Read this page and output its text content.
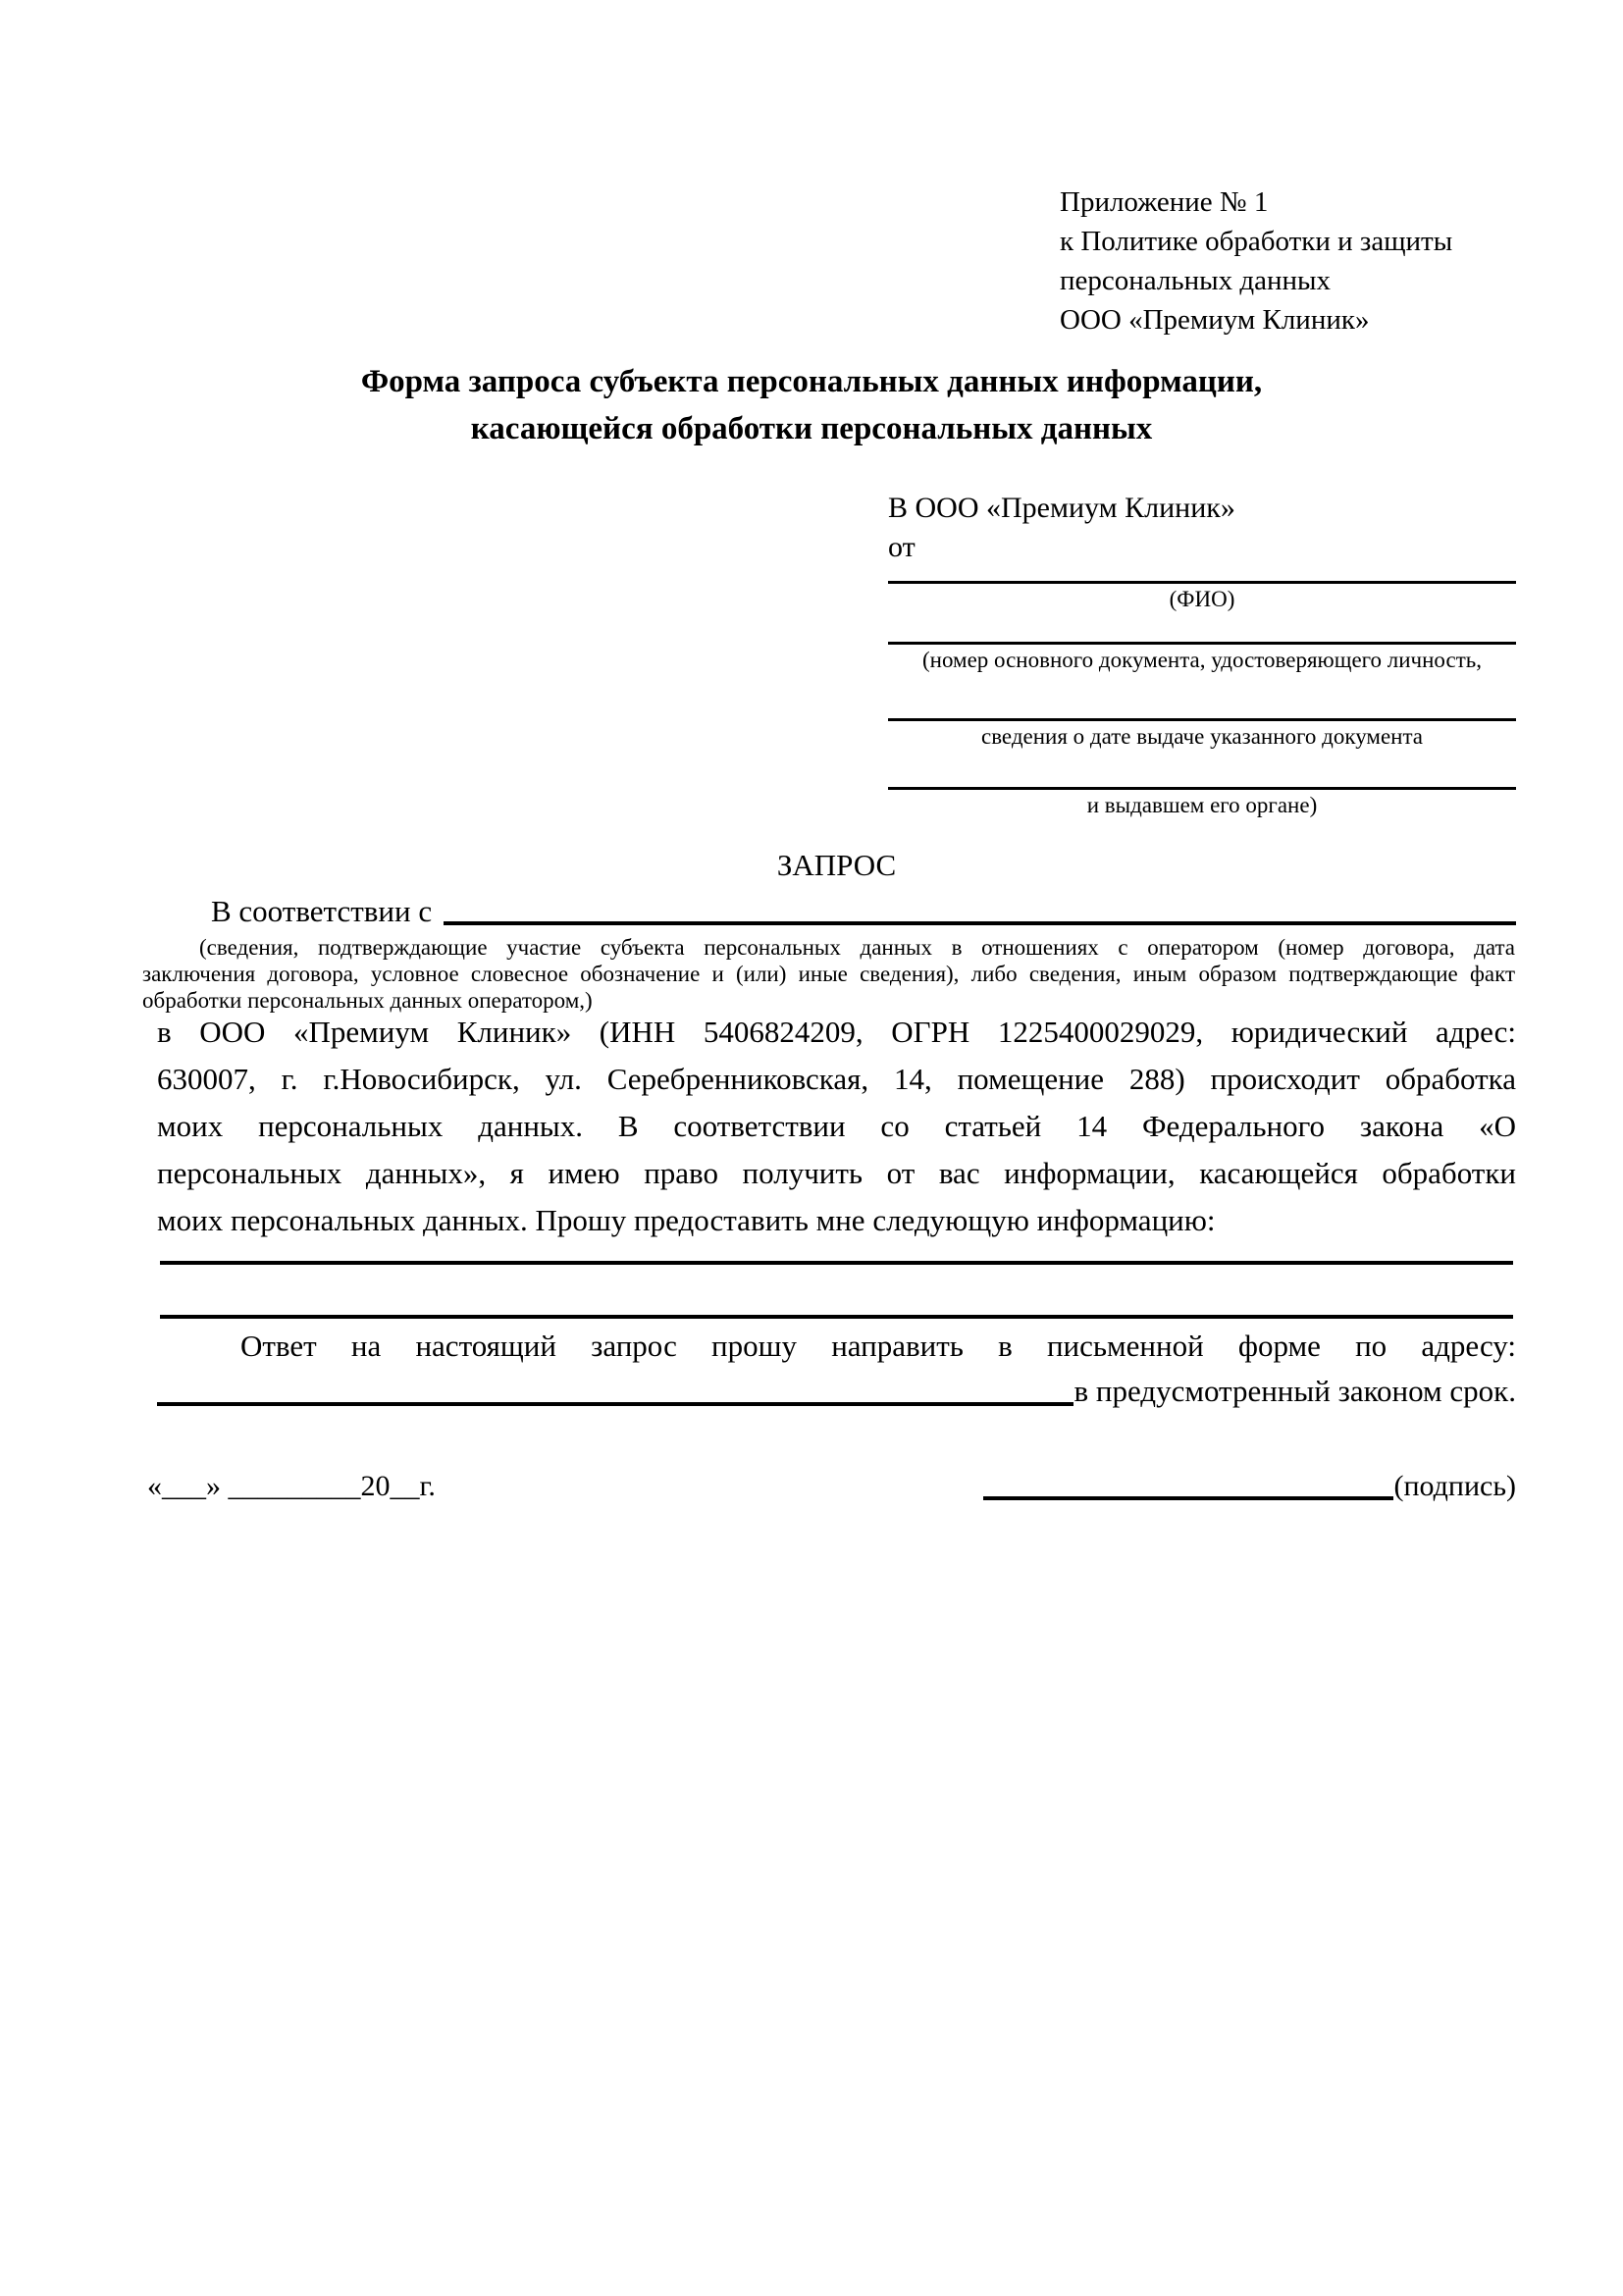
Приложение № 1
к Политике обработки и защиты
персональных данных
ООО «Премиум Клиник»
Форма запроса субъекта персональных данных информации,
касающейся обработки персональных данных
В ООО «Премиум Клиник»
от
(ФИО)
(номер основного документа, удостоверяющего личность,
сведения о дате выдаче указанного документа
и выдавшем его органе)
ЗАПРОС
В соответствии с
(сведения, подтверждающие участие субъекта персональных данных в отношениях с оператором (номер договора, дата
заключения договора, условное словесное обозначение и (или) иные сведения), либо сведения, иным образом подтверждающие факт
обработки персональных данных оператором,)
в ООО «Премиум Клиник» (ИНН 5406824209, ОГРН 1225400029029, юридический адрес:
630007, г. г.Новосибирск, ул. Серебренниковская, 14, помещение 288) происходит обработка
моих персональных данных. В соответствии со статьей 14 Федерального закона «О
персональных данных», я имею право получить от вас информации, касающейся обработки
моих персональных данных. Прошу предоставить мне следующую информацию:
Ответ на настоящий запрос прошу направить в письменной форме по адресу:
в предусмотренный законом срок.
«___» _________20__г.	(подпись)
